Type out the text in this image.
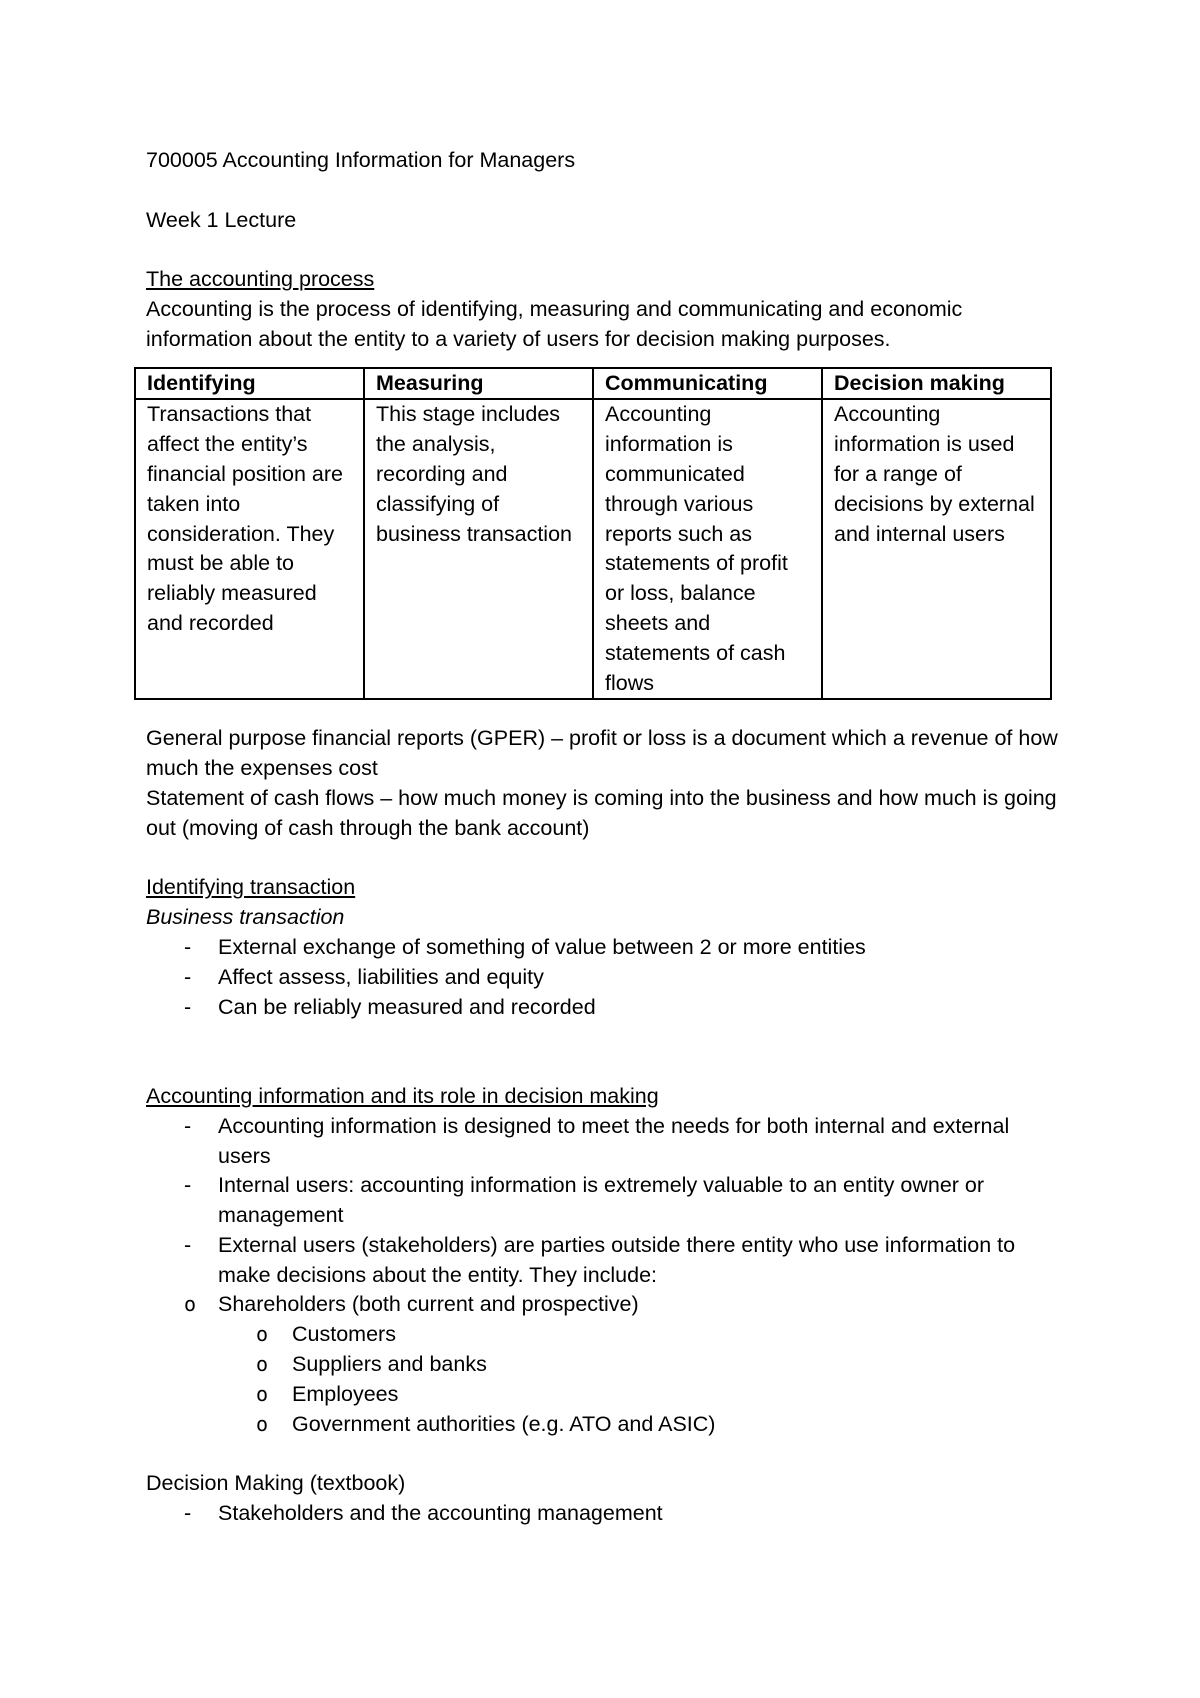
700005 Accounting Information for Managers

Week 1 Lecture

The accounting process

Accounting is the process of identifying, measuring and communicating and economic information about the entity to a variety of users for decision making purposes.

Identifying	Measuring	Communicating	Decision making
Transactions that affect the entity’s financial position are taken into consideration. They must be able to reliably measured and recorded	This stage includes the analysis, recording and classifying of business transaction	Accounting information is communicated through various reports such as statements of profit or loss, balance sheets and statements of cash flows	Accounting information is used for a range of decisions by external and internal users

General purpose financial reports (GPER) – profit or loss is a document which a revenue of how much the expenses cost

Statement of cash flows – how much money is coming into the business and how much is going out (moving of cash through the bank account)

Identifying transaction

Business transaction

- External exchange of something of value between 2 or more entities
- Affect assess, liabilities and equity
- Can be reliably measured and recorded

Accounting information and its role in decision making

- Accounting information is designed to meet the needs for both internal and external users
- Internal users: accounting information is extremely valuable to an entity owner or management
- External users (stakeholders) are parties outside there entity who use information to make decisions about the entity. They include:
o Shareholders (both current and prospective)
o Customers
o Suppliers and banks
o Employees
o Government authorities (e.g. ATO and ASIC)

Decision Making (textbook)

- Stakeholders and the accounting management
